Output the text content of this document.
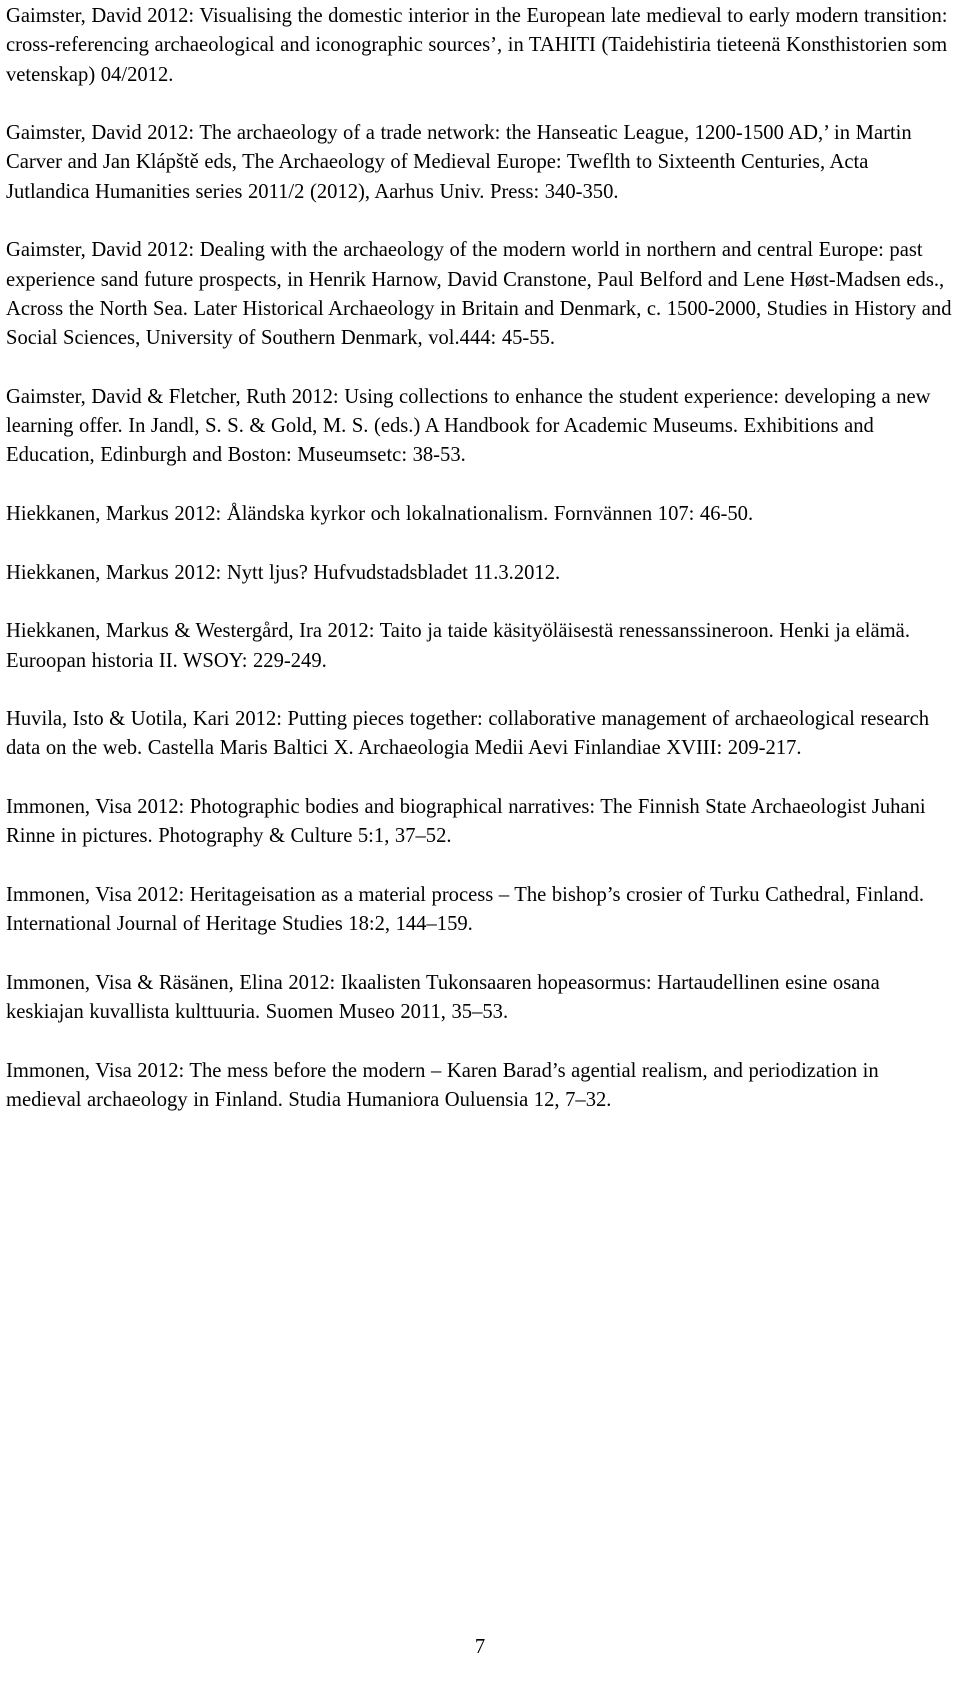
Gaimster, David 2012: Visualising the domestic interior in the European late medieval to early modern transition: cross-referencing archaeological and iconographic sources’, in TAHITI (Taidehistiria tieteenä Konsthistorien som vetenskap) 04/2012.

Gaimster, David 2012: The archaeology of a trade network: the Hanseatic League, 1200-1500 AD,’ in Martin Carver and Jan Klápště eds, The Archaeology of Medieval Europe: Tweflth to Sixteenth Centuries, Acta Jutlandica Humanities series 2011/2 (2012), Aarhus Univ. Press: 340-350.

Gaimster, David 2012: Dealing with the archaeology of the modern world in northern and central Europe: past experience sand future prospects, in Henrik Harnow, David Cranstone, Paul Belford and Lene Høst-Madsen eds., Across the North Sea. Later Historical Archaeology in Britain and Denmark, c. 1500-2000, Studies in History and Social Sciences, University of Southern Denmark, vol.444: 45-55.

Gaimster, David & Fletcher, Ruth 2012: Using collections to enhance the student experience: developing a new learning offer. In Jandl, S. S. & Gold, M. S. (eds.) A Handbook for Academic Museums. Exhibitions and Education, Edinburgh and Boston: Museumsetc: 38-53.

Hiekkanen, Markus 2012: Åländska kyrkor och lokalnationalism. Fornvännen 107: 46-50.

Hiekkanen, Markus 2012: Nytt ljus? Hufvudstadsbladet 11.3.2012.

Hiekkanen, Markus & Westergård, Ira 2012: Taito ja taide käsityöläisestä renessanssineroon. Henki ja elämä. Euroopan historia II. WSOY: 229-249.

Huvila, Isto & Uotila, Kari 2012: Putting pieces together: collaborative management of archaeological research data on the web. Castella Maris Baltici X. Archaeologia Medii Aevi Finlandiae XVIII: 209-217.

Immonen, Visa 2012: Photographic bodies and biographical narratives: The Finnish State Archaeologist Juhani Rinne in pictures. Photography & Culture 5:1, 37–52.

Immonen, Visa 2012: Heritageisation as a material process – The bishop’s crosier of Turku Cathedral, Finland. International Journal of Heritage Studies 18:2, 144–159.

Immonen, Visa & Räsänen, Elina 2012: Ikaalisten Tukonsaaren hopeasormus: Hartaudellinen esine osana keskiajan kuvallista kulttuuria. Suomen Museo 2011, 35–53.

Immonen, Visa 2012: The mess before the modern – Karen Barad’s agential realism, and periodization in medieval archaeology in Finland. Studia Humaniora Ouluensia 12, 7–32.

7
